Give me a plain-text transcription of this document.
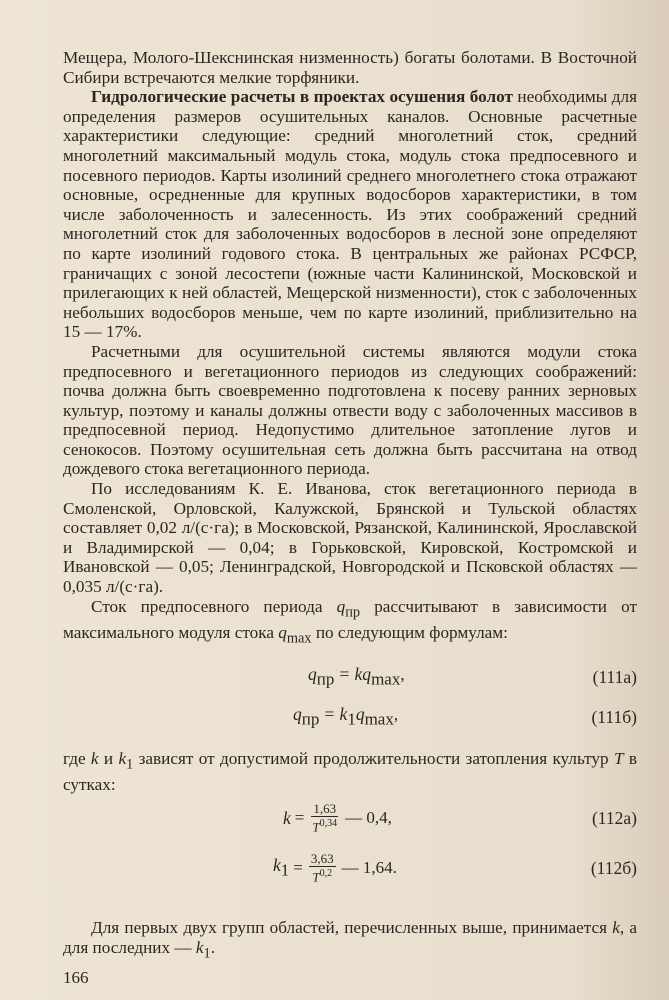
Мещера, Молого-Шекснинская низменность) богаты болотами. В Восточной Сибири встречаются мелкие торфяники.

Гидрологические расчеты в проектах осушения болот необходимы для определения размеров осушительных каналов. Основные расчетные характеристики следующие: средний многолетний сток, средний многолетний максимальный модуль стока, модуль стока предпосевного и посевного периодов. Карты изолиний среднего многолетнего стока отражают основные, осредненные для крупных водосборов характеристики, в том числе заболоченность и залесенность. Из этих соображений средний многолетний сток для заболоченных водосборов в лесной зоне определяют по карте изолиний годового стока. В центральных же районах РСФСР, граничащих с зоной лесостепи (южные части Калининской, Московской и прилегающих к ней областей, Мещерской низменности), сток с заболоченных небольших водосборов меньше, чем по карте изолиний, приблизительно на 15 — 17%.

Расчетными для осушительной системы являются модули стока предпосевного и вегетационного периодов из следующих соображений: почва должна быть своевременно подготовлена к посеву ранних зерновых культур, поэтому и каналы должны отвести воду с заболоченных массивов в предпосевной период. Недопустимо длительное затопление лугов и сенокосов. Поэтому осушительная сеть должна быть рассчитана на отвод дождевого стока вегетационного периода.

По исследованиям К. Е. Иванова, сток вегетационного периода в Смоленской, Орловской, Калужской, Брянской и Тульской областях составляет 0,02 л/(с·га); в Московской, Рязанской, Калининской, Ярославской и Владимирской — 0,04; в Горьковской, Кировской, Костромской и Ивановской — 0,05; Ленинградской, Новгородской и Псковской областях — 0,035 л/(с·га).

Сток предпосевного периода $q_{пр}$ рассчитывают в зависимости от максимального модуля стока $q_{max}$ по следующим формулам:

$q_{пр} = kq_{max}$,	(111а)
$q_{пр} = k_1q_{max}$,	(111б)

где k и $k_1$ зависят от допустимой продолжительности затопления культур T в сутках:

$k = \frac{1,63}{T^{0,34}}$ — 0,4,	(112а)
$k_1 = \frac{3,63}{T^{0,2}}$ — 1,64.	(112б)

Для первых двух групп областей, перечисленных выше, принимается k, а для последних — $k_1$.

166
